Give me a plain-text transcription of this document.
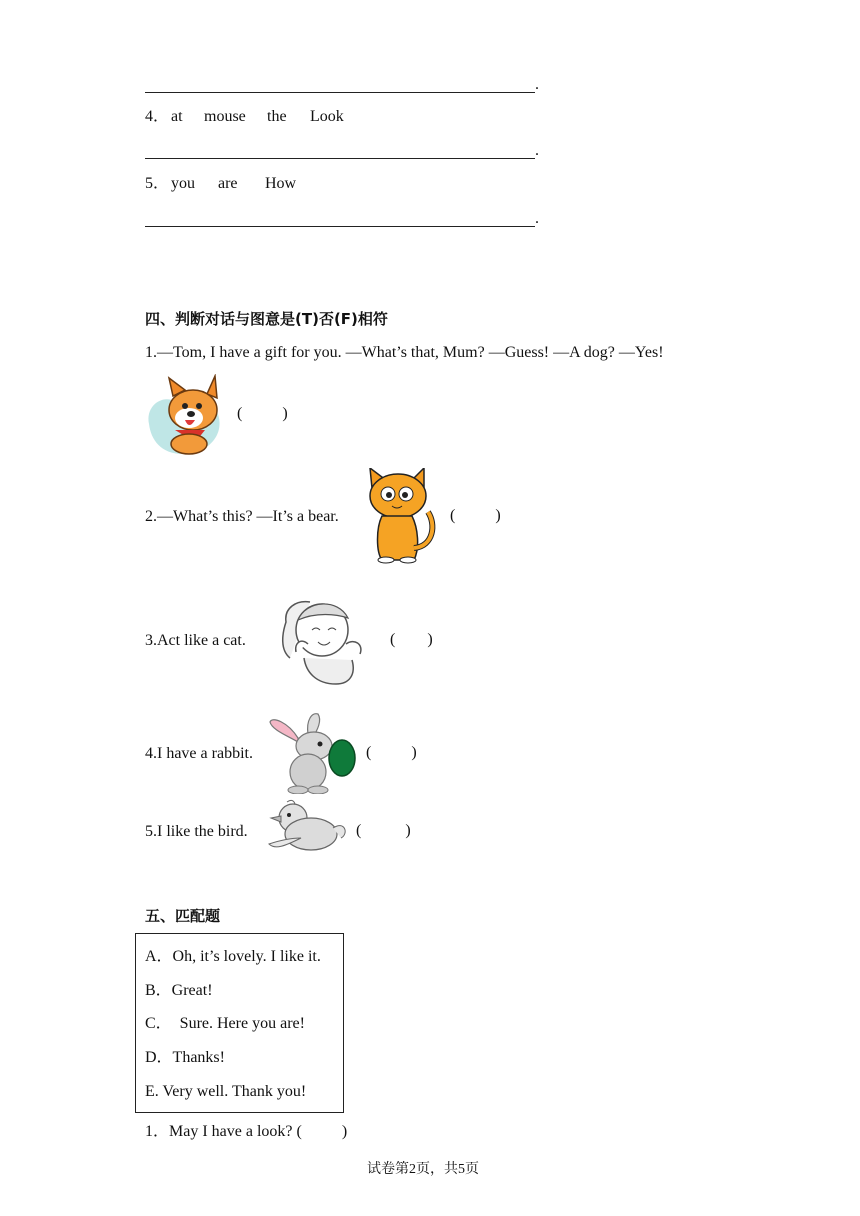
.
4． at mouse the Look
.
5． you are How
.
四、判断对话与图意是(T)否(F)相符
1.—Tom, I have a gift for you. —What’s that, Mum? —Guess! —A dog? —Yes!
(          )
2.—What’s this? —It’s a bear.	(          )
3.Act like a cat.	(        )
4.I have a rabbit.	(          )
5.I like the bird.	(           )
五、匹配题
A．Oh, it’s lovely. I like it.
B．Great!
C．  Sure. Here you are!
D．Thanks!
E. Very well. Thank you!
1．May I have a look? (          )
试卷第2页，共5页
